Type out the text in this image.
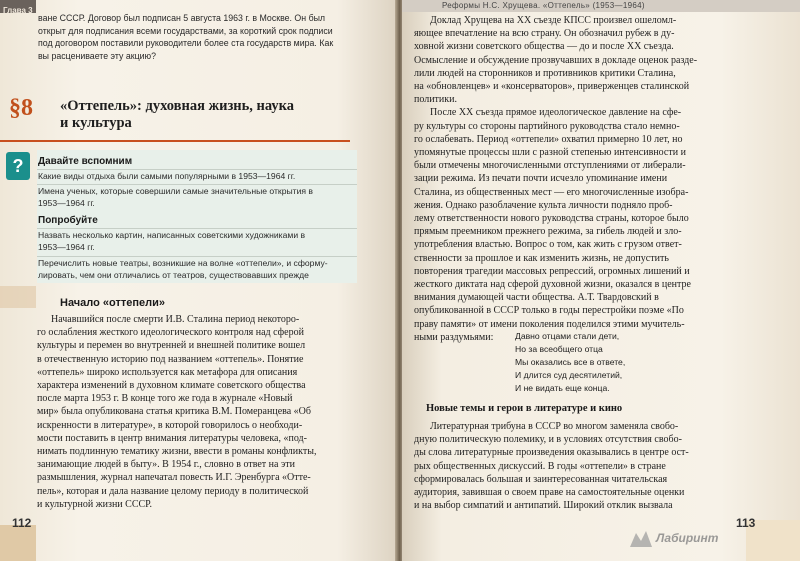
Глава 3
ване СССР. Договор был подписан 5 августа 1963 г. в Москве. Он был
открыт для подписания всеми государствами, за короткий срок подписи
под договором поставили руководители более ста государств мира. Как
вы расцениваете эту акцию?
§8 «Оттепель»: духовная жизнь, наука
и культура
?	Давайте вспомним
Какие виды отдыха были самыми популярными в 1953—1964 гг.
Имена ученых, которые совершили самые значительные открытия в
1953—1964 гг.
Попробуйте
Назвать несколько картин, написанных советскими художниками в
1953—1964 гг.
Перечислить новые театры, возникшие на волне «оттепели», и сформу-
лировать, чем они отличались от театров, существовавших прежде
Начало «оттепели»
Начавшийся после смерти И.В. Сталина период некоторо-
го ослабления жесткого идеологического контроля над сферой
культуры и перемен во внутренней и внешней политике вошел
в отечественную историю под названием «оттепель». Понятие
«оттепель» широко используется как метафора для описания
характера изменений в духовном климате советского общества
после марта 1953 г. В конце того же года в журнале «Новый
мир» была опубликована статья критика В.М. Померанцева «Об
искренности в литературе», в которой говорилось о необходи-
мости поставить в центр внимания литературы человека, «под-
нимать подлинную тематику жизни, ввести в романы конфликты,
занимающие людей в быту». В 1954 г., словно в ответ на эти
размышления, журнал напечатал повесть И.Г. Эренбурга «Отте-
пель», которая и дала название целому периоду в политической
и культурной жизни СССР.
112
Реформы Н.С. Хрущева. «Оттепель» (1953—1964)
Доклад Хрущева на XX съезде КПСС произвел ошеломл-
яющее впечатление на всю страну. Он обозначил рубеж в ду-
ховной жизни советского общества — до и после XX съезда.
Осмысление и обсуждение прозвучавших в докладе оценок разде-
лили людей на сторонников и противников критики Сталина,
на «обновленцев» и «консерваторов», приверженцев сталинской
политики.
После XX съезда прямое идеологическое давление на сфе-
ру культуры со стороны партийного руководства стало немно-
го ослабевать. Период «оттепели» охватил примерно 10 лет, но
упомянутые процессы шли с разной степенью интенсивности и
были отмечены многочисленными отступлениями от либерали-
зации режима. Из печати почти исчезло упоминание имени
Сталина, из общественных мест — его многочисленные изобра-
жения. Однако разоблачение культа личности подняло проб-
лему ответственности нового руководства страны, которое было
прямым преемником прежнего режима, за гибель людей и зло-
употребления властью. Вопрос о том, как жить с грузом ответ-
ственности за прошлое и как изменить жизнь, не допустить
повторения трагедии массовых репрессий, огромных лишений и
жесткого диктата над сферой духовной жизни, оказался в центре
внимания думающей части общества. А.Т. Твардовский в
опубликованной в СССР только в годы перестройки поэме «По
праву памяти» от имени поколения поделился этими мучитель-
ными раздумьями:	Давно отцами стали дети,
Но за всеобщего отца
Мы оказались все в ответе,
И длится суд десятилетий,
И не видать еще конца.
Новые темы и герои в литературе и кино
Литературная трибуна в СССР во многом заменяла свобо-
дную политическую полемику, и в условиях отсутствия свобо-
ды слова литературные произведения оказывались в центре ост-
рых общественных дискуссий. В годы «оттепели» в стране
сформировалась большая и заинтересованная читательская
аудитория, завившая о своем праве на самостоятельные оценки
и на выбор симпатий и антипатий. Широкий отклик вызвала
113
Лабиринт
